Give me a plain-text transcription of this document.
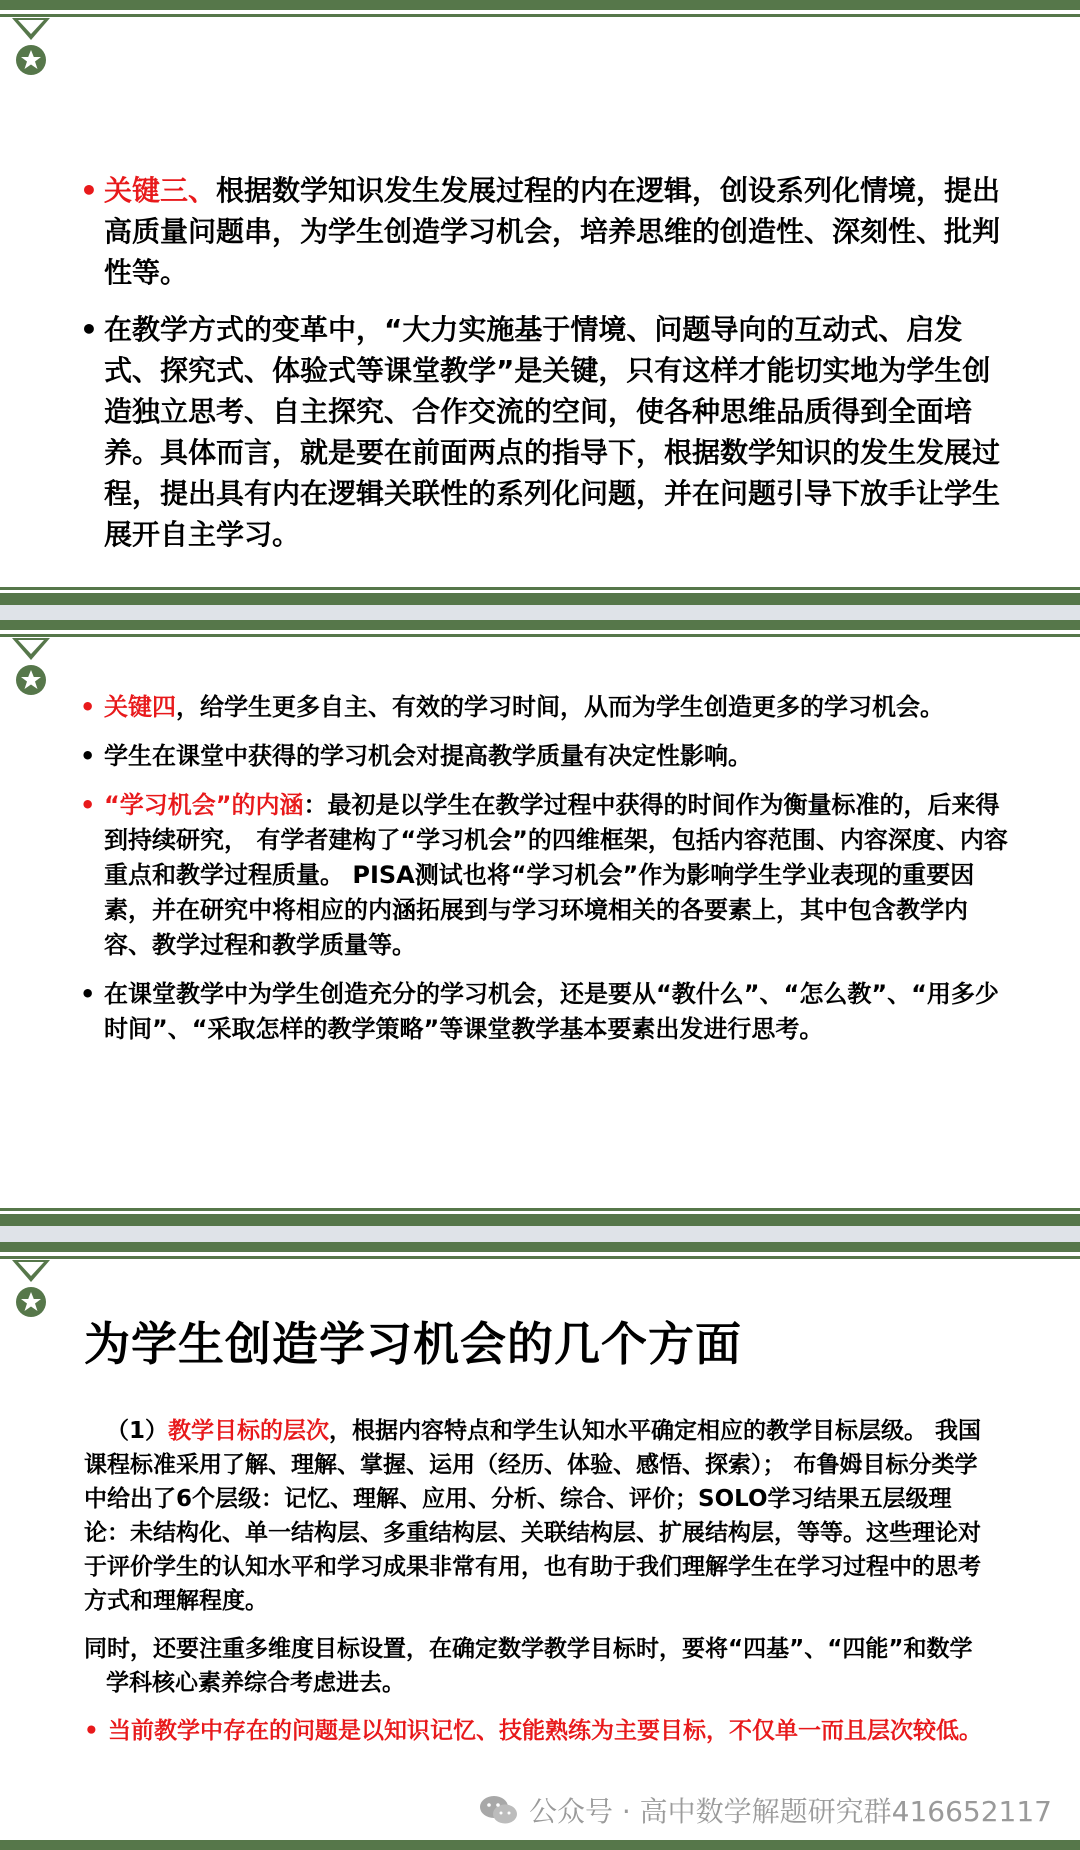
• 关键三、根据数学知识发生发展过程的内在逻辑，创设系列化情境，提出高质量问题串，为学生创造学习机会，培养思维的创造性、深刻性、批判性等。
• 在教学方式的变革中，“大力实施基于情境、问题导向的互动式、启发式、探究式、体验式等课堂教学”是关键，只有这样才能切实地为学生创造独立思考、自主探究、合作交流的空间，使各种思维品质得到全面培养。具体而言，就是要在前面两点的指导下，根据数学知识的发生发展过程，提出具有内在逻辑关联性的系列化问题，并在问题引导下放手让学生展开自主学习。
• 关键四，给学生更多自主、有效的学习时间，从而为学生创造更多的学习机会。
• 学生在课堂中获得的学习机会对提高教学质量有决定性影响。
• “学习机会”的内涵：最初是以学生在教学过程中获得的时间作为衡量标准的，后来得到持续研究， 有学者建构了“学习机会”的四维框架，包括内容范围、内容深度、内容重点和教学过程质量。 PISA测试也将“学习机会”作为影响学生学业表现的重要因素，并在研究中将相应的内涵拓展到与学习环境相关的各要素上，其中包含教学内容、教学过程和教学质量等。
• 在课堂教学中为学生创造充分的学习机会，还是要从“教什么”、“怎么教”、“用多少时间”、“采取怎样的教学策略”等课堂教学基本要素出发进行思考。
为学生创造学习机会的几个方面
（1）教学目标的层次，根据内容特点和学生认知水平确定相应的教学目标层级。 我国课程标准采用了解、理解、掌握、运用（经历、体验、感悟、探索）； 布鲁姆目标分类学中给出了6个层级：记忆、理解、应用、分析、综合、评价；SOLO学习结果五层级理论：未结构化、单一结构层、多重结构层、关联结构层、扩展结构层，等等。这些理论对于评价学生的认知水平和学习成果非常有用，也有助于我们理解学生在学习过程中的思考方式和理解程度。
同时，还要注重多维度目标设置，在确定数学教学目标时，要将“四基”、“四能”和数学学科核心素养综合考虑进去。
• 当前教学中存在的问题是以知识记忆、技能熟练为主要目标，不仅单一而且层次较低。
公众号 · 高中数学解题研究群416652117
